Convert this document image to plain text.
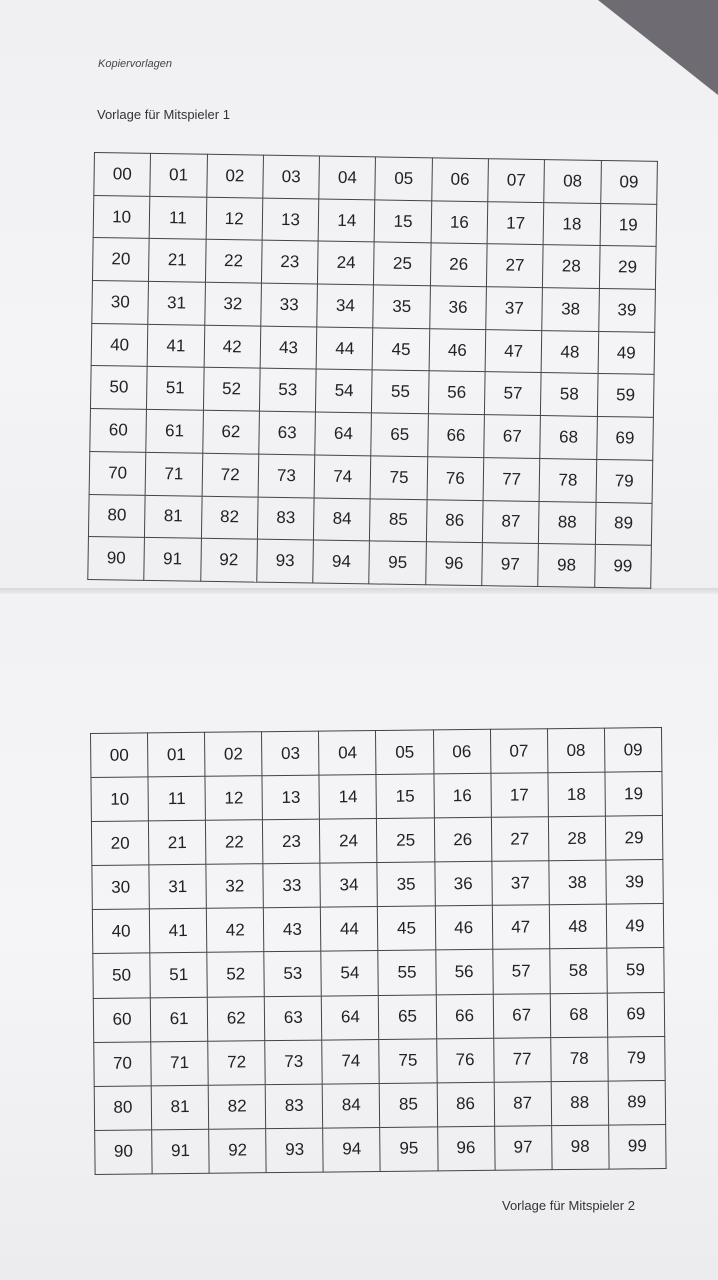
Kopiervorlagen

Vorlage für Mitspieler 1

00	01	02	03	04	05	06	07	08	09
10	11	12	13	14	15	16	17	18	19
20	21	22	23	24	25	26	27	28	29
30	31	32	33	34	35	36	37	38	39
40	41	42	43	44	45	46	47	48	49
50	51	52	53	54	55	56	57	58	59
60	61	62	63	64	65	66	67	68	69
70	71	72	73	74	75	76	77	78	79
80	81	82	83	84	85	86	87	88	89
90	91	92	93	94	95	96	97	98	99
00	01	02	03	04	05	06	07	08	09
10	11	12	13	14	15	16	17	18	19
20	21	22	23	24	25	26	27	28	29
30	31	32	33	34	35	36	37	38	39
40	41	42	43	44	45	46	47	48	49
50	51	52	53	54	55	56	57	58	59
60	61	62	63	64	65	66	67	68	69
70	71	72	73	74	75	76	77	78	79
80	81	82	83	84	85	86	87	88	89
90	91	92	93	94	95	96	97	98	99

Vorlage für Mitspieler 2
